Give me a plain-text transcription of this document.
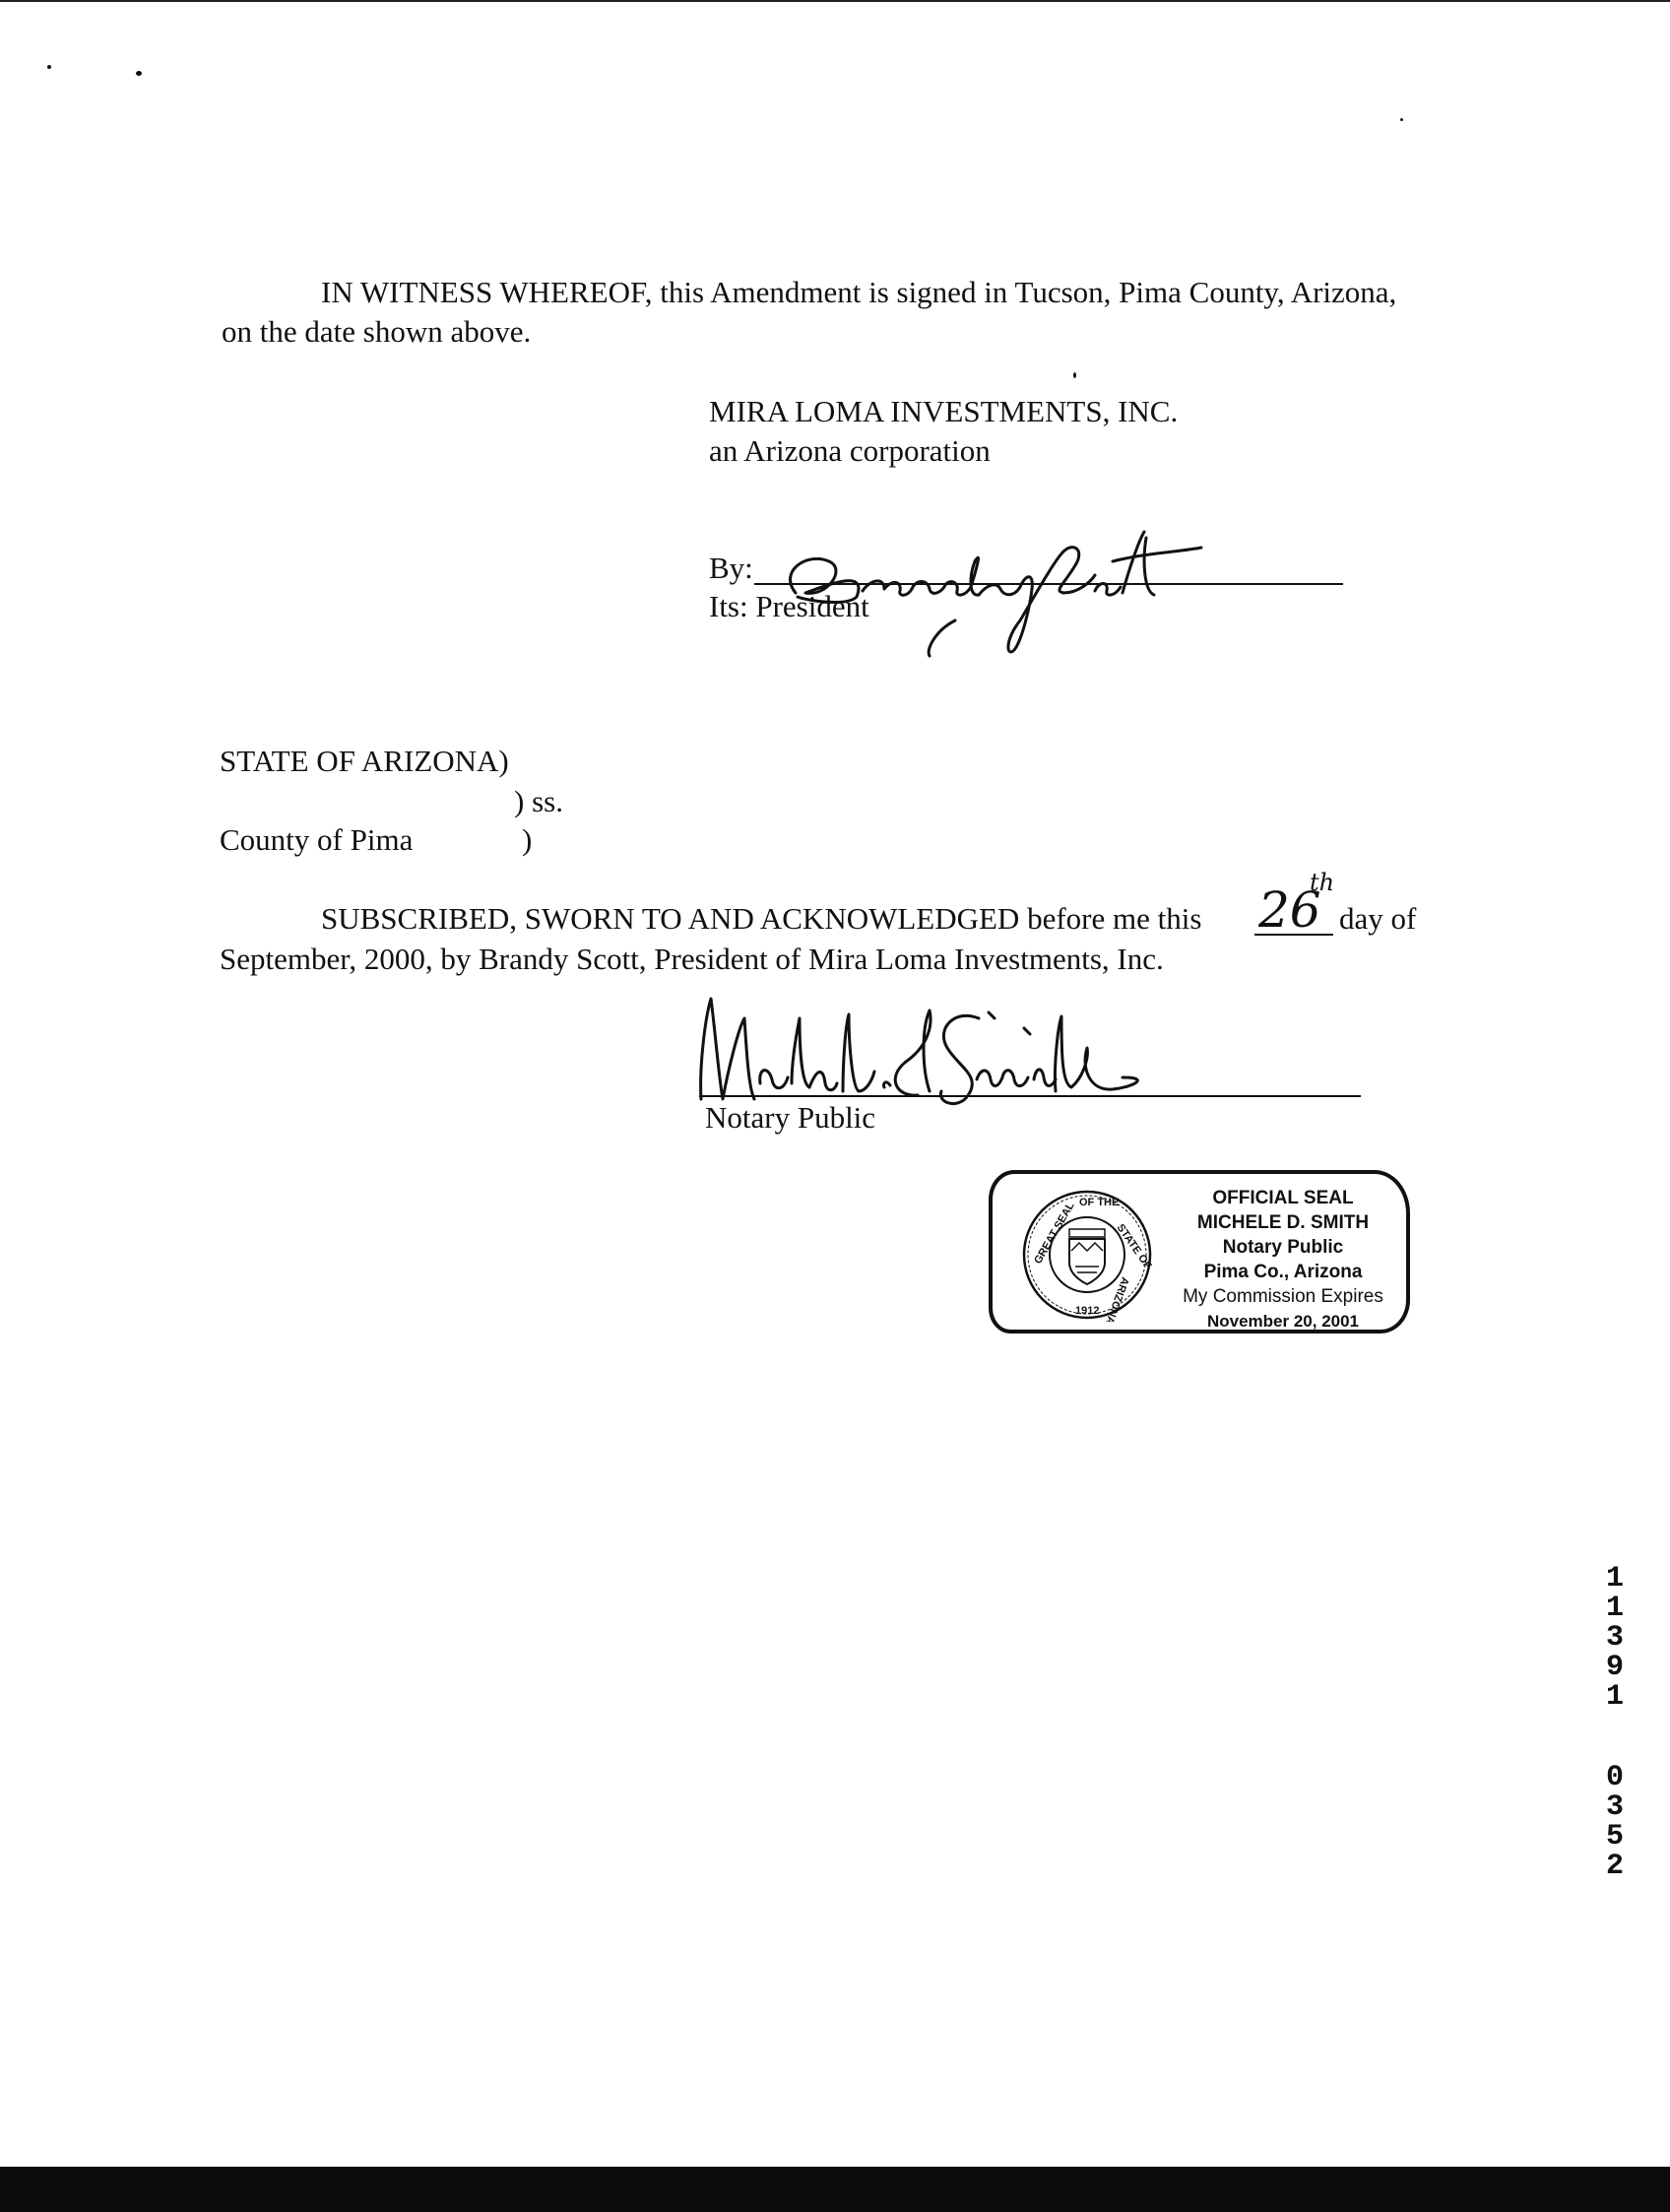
IN WITNESS WHEREOF, this Amendment is signed in Tucson, Pima County, Arizona,
on the date shown above.
MIRA LOMA INVESTMENTS, INC.
an Arizona corporation
By:
Its: President
STATE OF ARIZONA)
) ss.
County of Pima	)
SUBSCRIBED, SWORN TO AND ACKNOWLEDGED before me this 26
th
day of
September, 2000, by Brandy Scott, President of Mira Loma Investments, Inc.
Notary Public
GREAT SEAL OF THE
STATE OF
ARIZONA
1912
OFFICIAL SEAL
MICHELE D. SMITH
Notary Public
Pima Co., Arizona
My Commission Expires
November 20, 2001
1
1
3
9
1
0
3
5
2
